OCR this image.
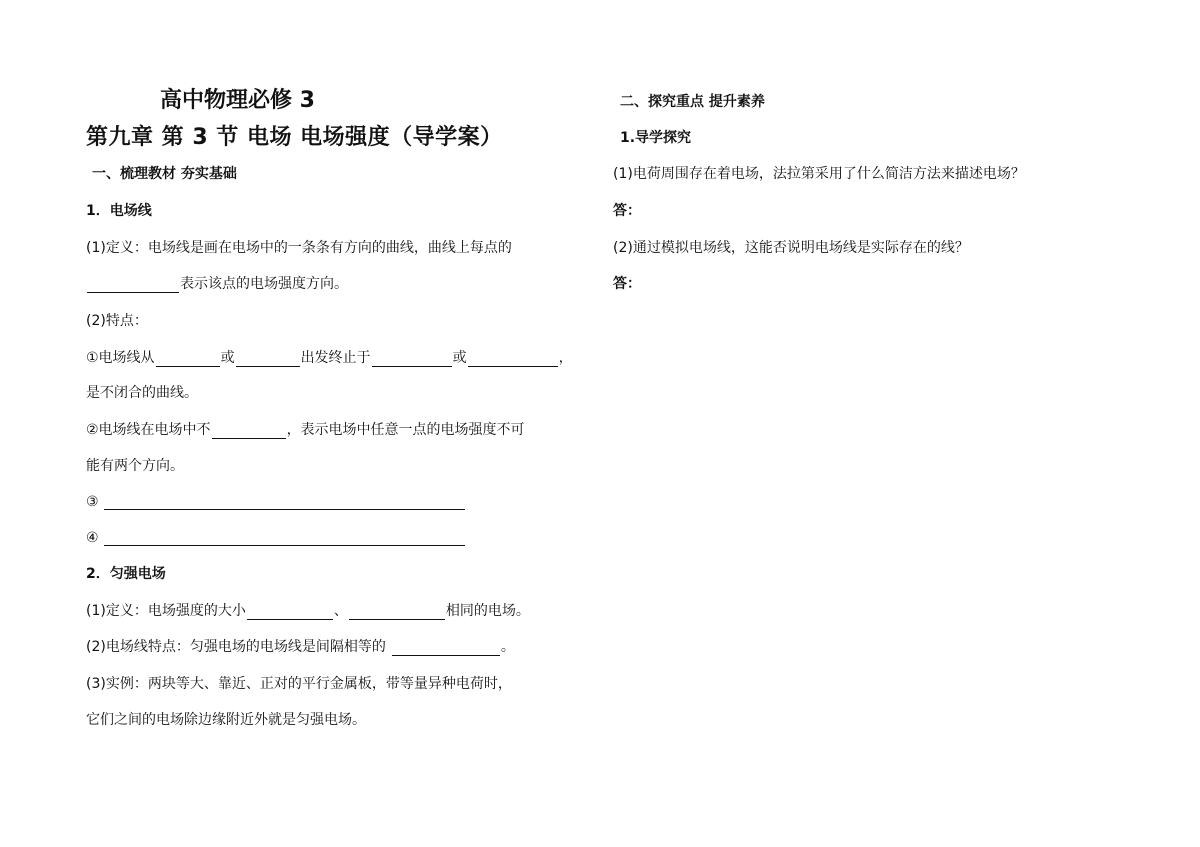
高中物理必修 3
第九章 第 3 节 电场 电场强度（导学案）
一、梳理教材 夯实基础
1．电场线
(1)定义：电场线是画在电场中的一条条有方向的曲线，曲线上每点的
表示该点的电场强度方向。
(2)特点：
①电场线从	或	出发终止于	或	，
是不闭合的曲线。
②电场线在电场中不	，表示电场中任意一点的电场强度不可
能有两个方向。
③
④
2．匀强电场
(1)定义：电场强度的大小	、	相同的电场。
(2)电场线特点：匀强电场的电场线是间隔相等的	。
(3)实例：两块等大、靠近、正对的平行金属板，带等量异种电荷时，
它们之间的电场除边缘附近外就是匀强电场。
二、探究重点 提升素养
1.导学探究
(1)电荷周围存在着电场，法拉第采用了什么简洁方法来描述电场？
答：
(2)通过模拟电场线，这能否说明电场线是实际存在的线？
答：
